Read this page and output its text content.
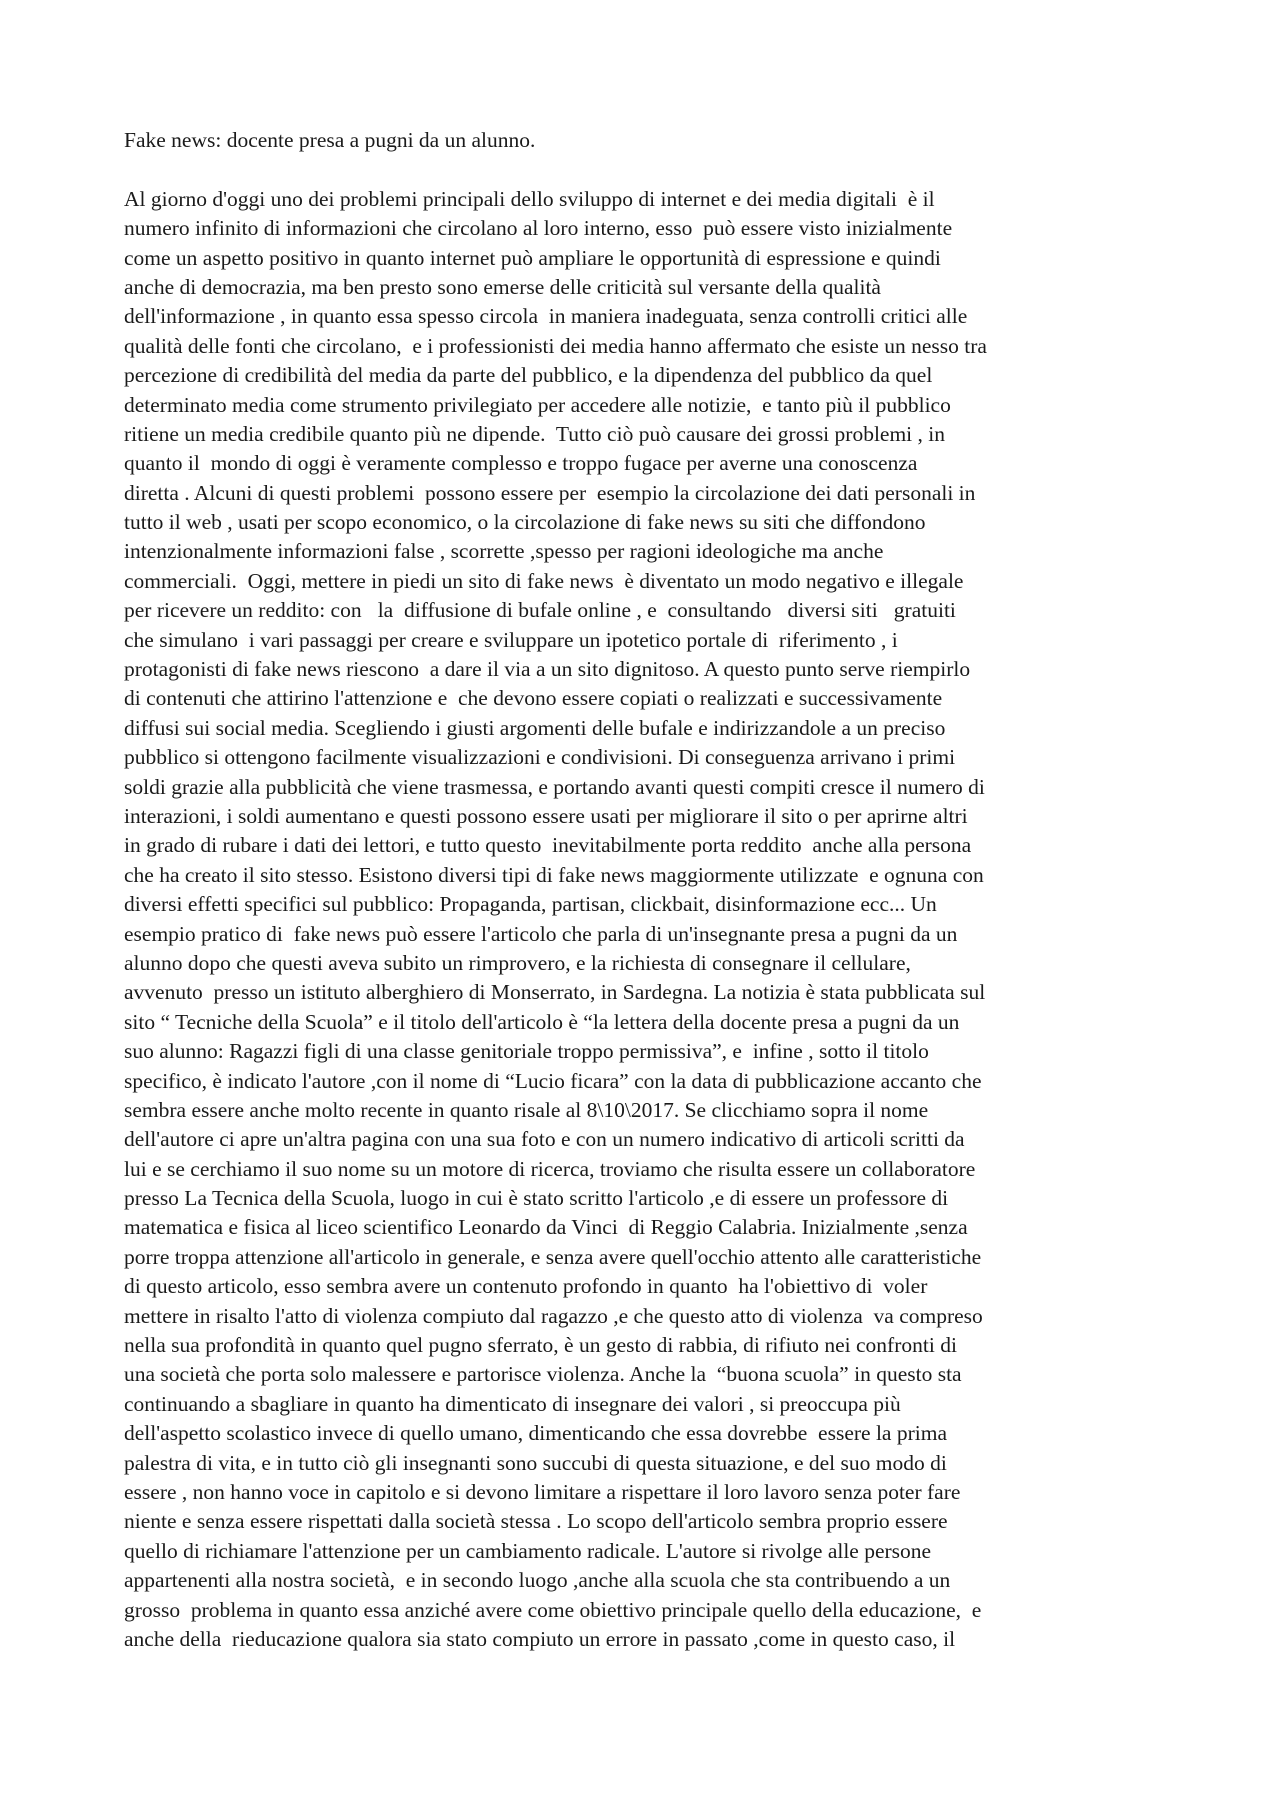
Fake news: docente presa a pugni da un alunno.
Al giorno d'oggi uno dei problemi principali dello sviluppo di internet e dei media digitali  è il
numero infinito di informazioni che circolano al loro interno, esso  può essere visto inizialmente
come un aspetto positivo in quanto internet può ampliare le opportunità di espressione e quindi
anche di democrazia, ma ben presto sono emerse delle criticità sul versante della qualità
dell'informazione , in quanto essa spesso circola  in maniera inadeguata, senza controlli critici alle
qualità delle fonti che circolano,  e i professionisti dei media hanno affermato che esiste un nesso tra
percezione di credibilità del media da parte del pubblico, e la dipendenza del pubblico da quel
determinato media come strumento privilegiato per accedere alle notizie,  e tanto più il pubblico
ritiene un media credibile quanto più ne dipende.  Tutto ciò può causare dei grossi problemi , in
quanto il  mondo di oggi è veramente complesso e troppo fugace per averne una conoscenza
diretta . Alcuni di questi problemi  possono essere per  esempio la circolazione dei dati personali in
tutto il web , usati per scopo economico, o la circolazione di fake news su siti che diffondono
intenzionalmente informazioni false , scorrette ,spesso per ragioni ideologiche ma anche
commerciali.  Oggi, mettere in piedi un sito di fake news  è diventato un modo negativo e illegale
per ricevere un reddito: con   la  diffusione di bufale online , e  consultando   diversi siti   gratuiti
che simulano  i vari passaggi per creare e sviluppare un ipotetico portale di  riferimento , i
protagonisti di fake news riescono  a dare il via a un sito dignitoso. A questo punto serve riempirlo
di contenuti che attirino l'attenzione e  che devono essere copiati o realizzati e successivamente
diffusi sui social media. Scegliendo i giusti argomenti delle bufale e indirizzandole a un preciso
pubblico si ottengono facilmente visualizzazioni e condivisioni. Di conseguenza arrivano i primi
soldi grazie alla pubblicità che viene trasmessa, e portando avanti questi compiti cresce il numero di
interazioni, i soldi aumentano e questi possono essere usati per migliorare il sito o per aprirne altri
in grado di rubare i dati dei lettori, e tutto questo  inevitabilmente porta reddito  anche alla persona
che ha creato il sito stesso. Esistono diversi tipi di fake news maggiormente utilizzate  e ognuna con
diversi effetti specifici sul pubblico: Propaganda, partisan, clickbait, disinformazione ecc... Un
esempio pratico di  fake news può essere l'articolo che parla di un'insegnante presa a pugni da un
alunno dopo che questi aveva subito un rimprovero, e la richiesta di consegnare il cellulare,
avvenuto  presso un istituto alberghiero di Monserrato, in Sardegna. La notizia è stata pubblicata sul
sito “ Tecniche della Scuola” e il titolo dell'articolo è “la lettera della docente presa a pugni da un
suo alunno: Ragazzi figli di una classe genitoriale troppo permissiva”, e  infine , sotto il titolo
specifico, è indicato l'autore ,con il nome di “Lucio ficara” con la data di pubblicazione accanto che
sembra essere anche molto recente in quanto risale al 8\10\2017. Se clicchiamo sopra il nome
dell'autore ci apre un'altra pagina con una sua foto e con un numero indicativo di articoli scritti da
lui e se cerchiamo il suo nome su un motore di ricerca, troviamo che risulta essere un collaboratore
presso La Tecnica della Scuola, luogo in cui è stato scritto l'articolo ,e di essere un professore di
matematica e fisica al liceo scientifico Leonardo da Vinci  di Reggio Calabria. Inizialmente ,senza
porre troppa attenzione all'articolo in generale, e senza avere quell'occhio attento alle caratteristiche
di questo articolo, esso sembra avere un contenuto profondo in quanto  ha l'obiettivo di  voler
mettere in risalto l'atto di violenza compiuto dal ragazzo ,e che questo atto di violenza  va compreso
nella sua profondità in quanto quel pugno sferrato, è un gesto di rabbia, di rifiuto nei confronti di
una società che porta solo malessere e partorisce violenza. Anche la  “buona scuola” in questo sta
continuando a sbagliare in quanto ha dimenticato di insegnare dei valori , si preoccupa più
dell'aspetto scolastico invece di quello umano, dimenticando che essa dovrebbe  essere la prima
palestra di vita, e in tutto ciò gli insegnanti sono succubi di questa situazione, e del suo modo di
essere , non hanno voce in capitolo e si devono limitare a rispettare il loro lavoro senza poter fare
niente e senza essere rispettati dalla società stessa . Lo scopo dell'articolo sembra proprio essere
quello di richiamare l'attenzione per un cambiamento radicale. L'autore si rivolge alle persone
appartenenti alla nostra società,  e in secondo luogo ,anche alla scuola che sta contribuendo a un
grosso  problema in quanto essa anziché avere come obiettivo principale quello della educazione,  e
anche della  rieducazione qualora sia stato compiuto un errore in passato ,come in questo caso, il
